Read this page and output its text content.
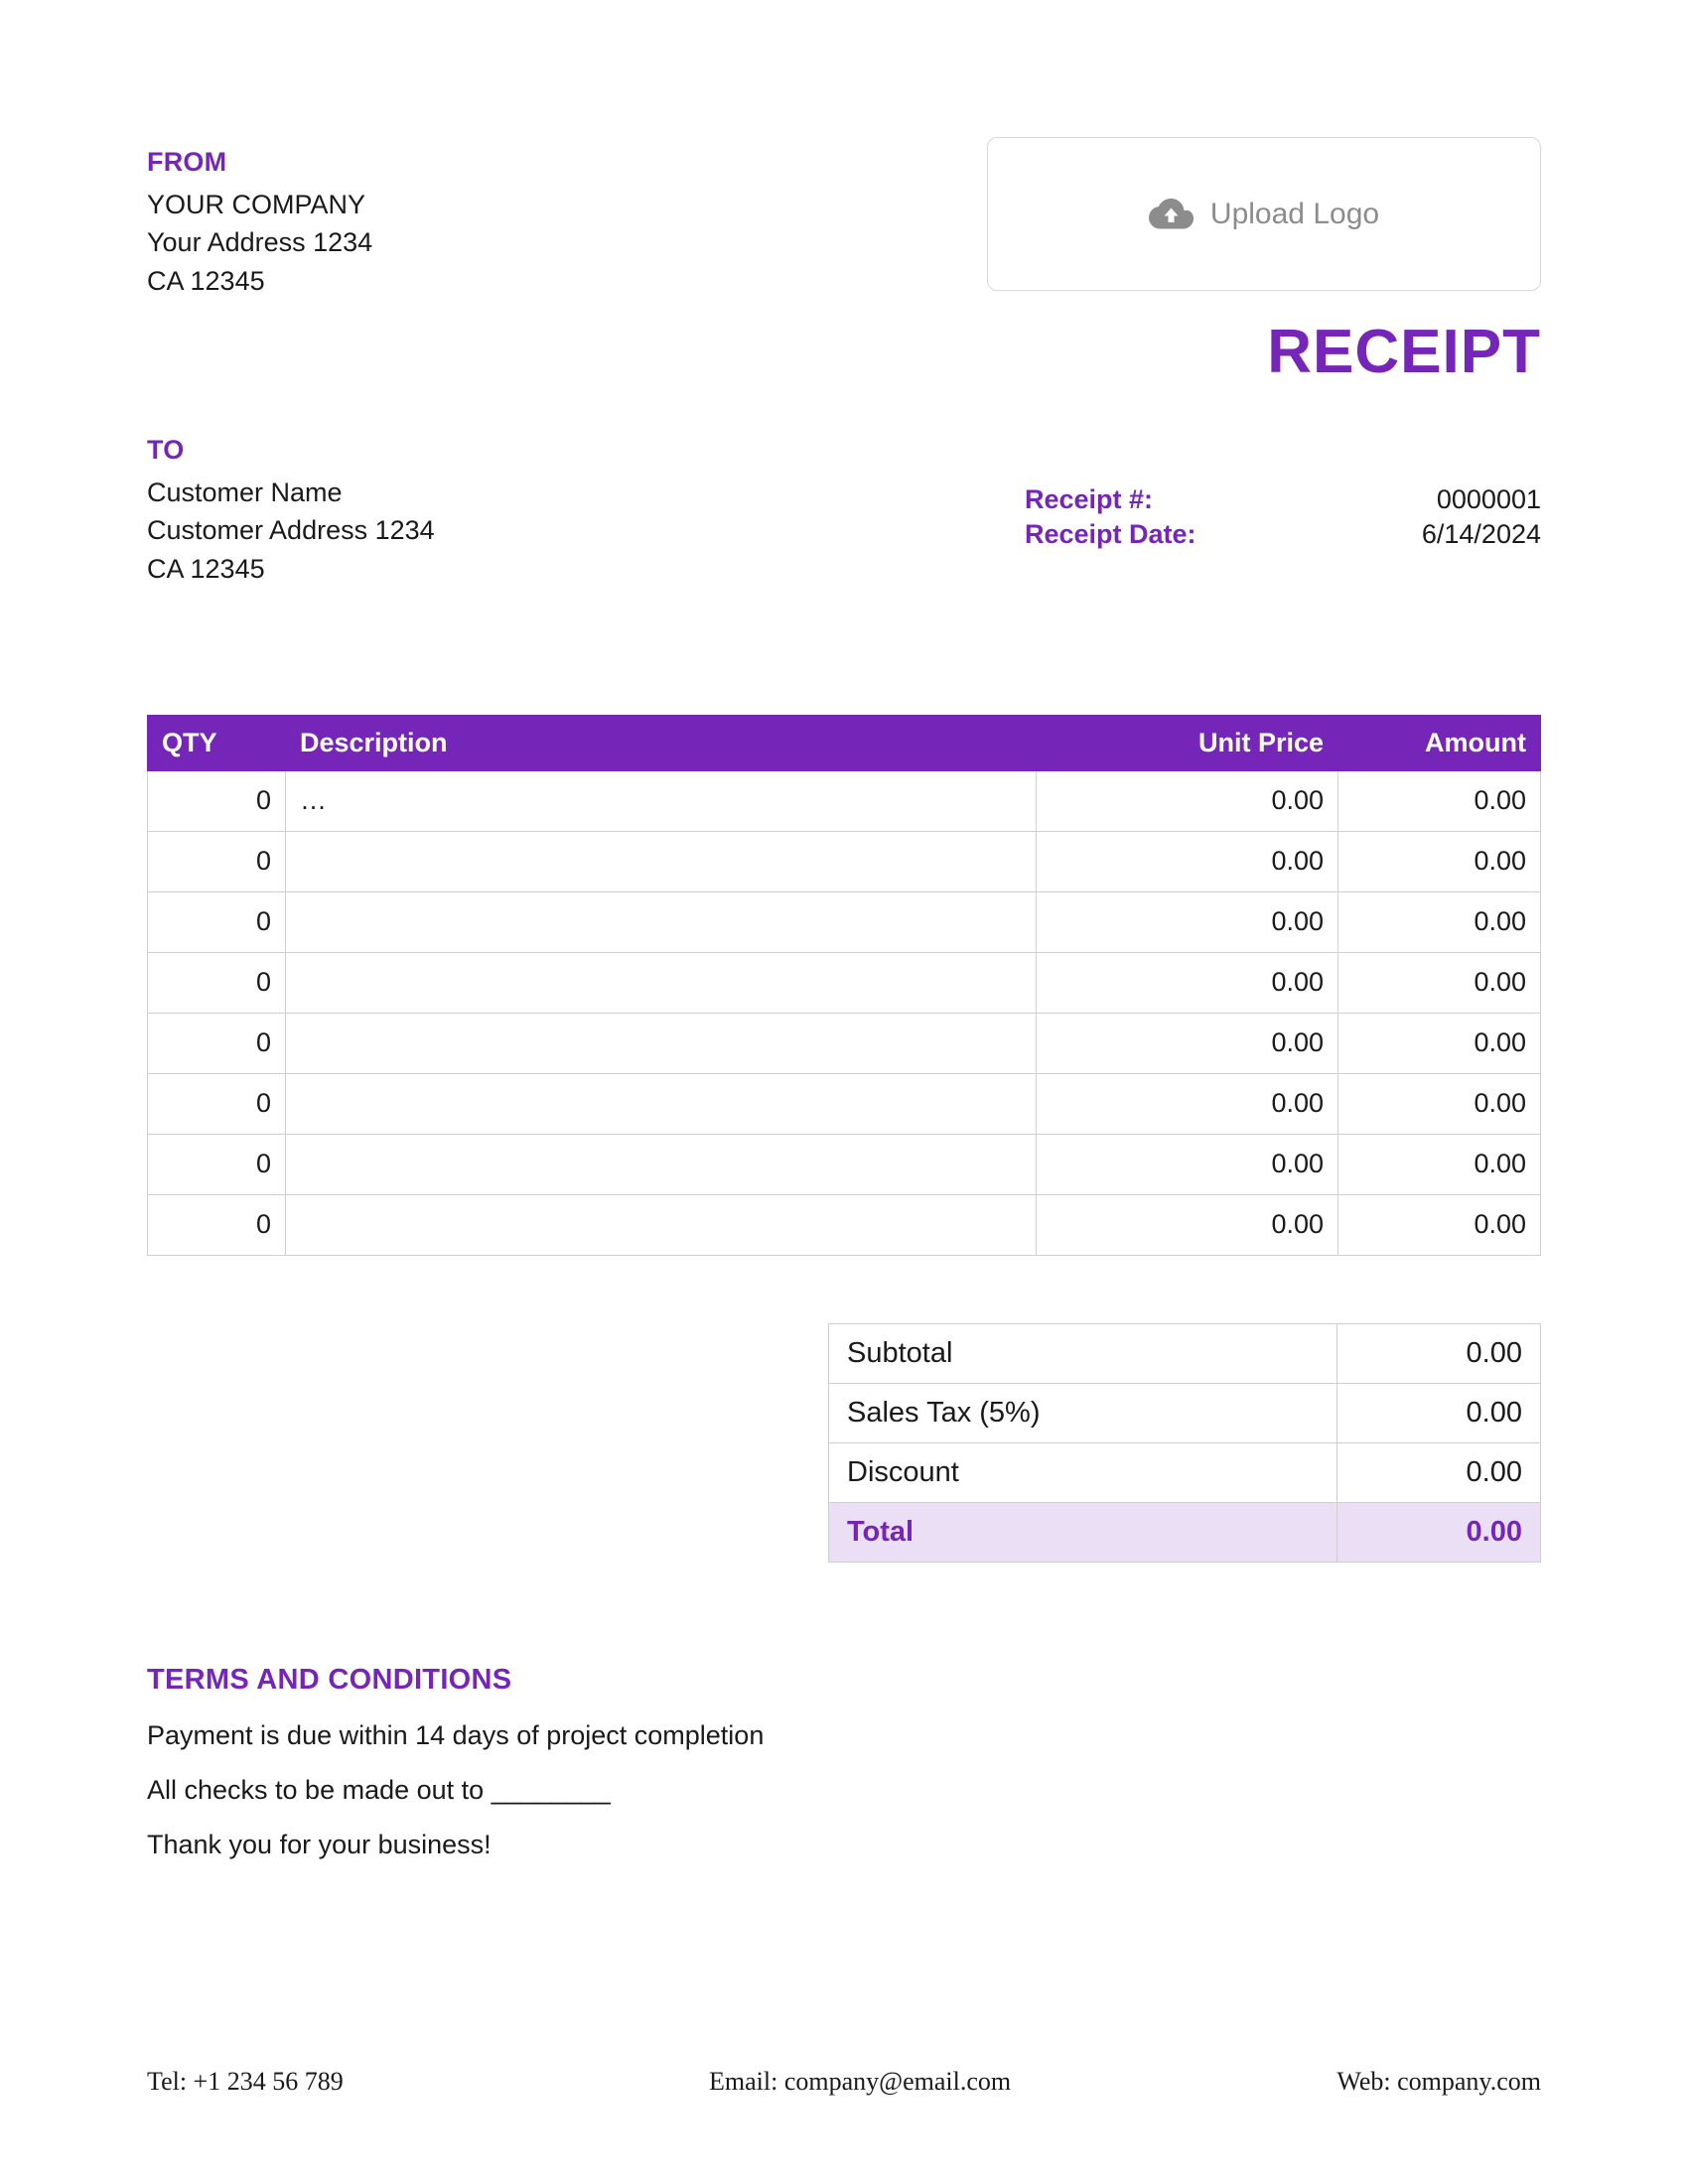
FROM
YOUR COMPANY
Your Address 1234
CA 12345
Upload Logo
RECEIPT
TO
Customer Name
Customer Address 1234
CA 12345
Receipt #:	0000001
Receipt Date:	6/14/2024
QTY	Description	Unit Price	Amount
0	…	0.00	0.00
0		0.00	0.00
0		0.00	0.00
0		0.00	0.00
0		0.00	0.00
0		0.00	0.00
0		0.00	0.00
0		0.00	0.00
Subtotal	0.00
Sales Tax (5%)	0.00
Discount	0.00
Total	0.00
TERMS AND CONDITIONS
Payment is due within 14 days of project completion
All checks to be made out to ________
Thank you for your business!
Tel: +1 234 56 789	Email: company@email.com	Web: company.com
